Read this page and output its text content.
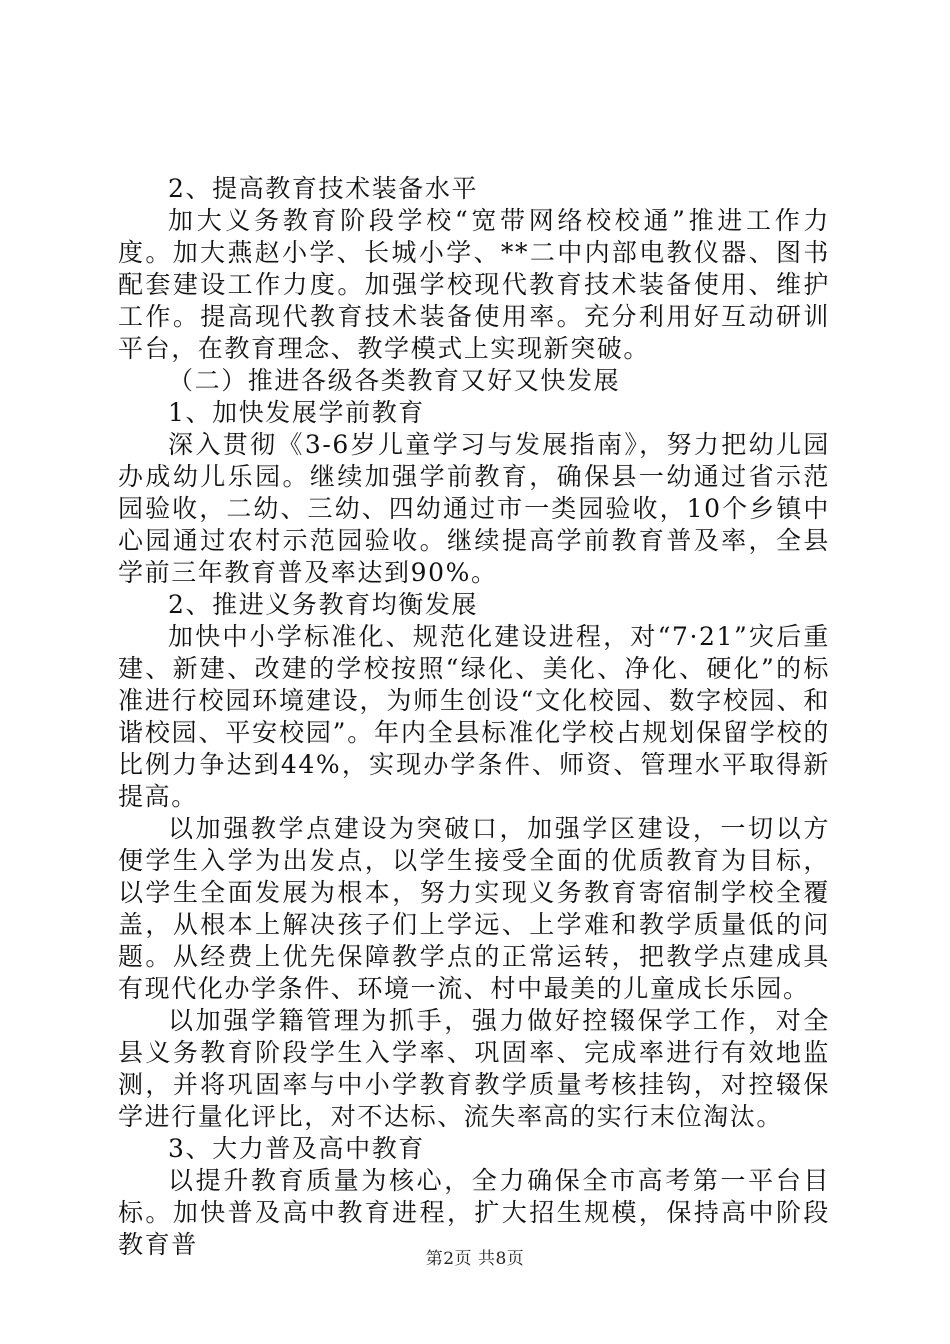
2、提高教育技术装备水平

加大义务教育阶段学校“宽带网络校校通”推进工作力度。加大燕赵小学、长城小学、**二中内部电教仪器、图书配套建设工作力度。加强学校现代教育技术装备使用、维护工作。提高现代教育技术装备使用率。充分利用好互动研训平台，在教育理念、教学模式上实现新突破。

（二）推进各级各类教育又好又快发展

1、加快发展学前教育

深入贯彻《3-6岁儿童学习与发展指南》，努力把幼儿园办成幼儿乐园。继续加强学前教育，确保县一幼通过省示范园验收，二幼、三幼、四幼通过市一类园验收，10个乡镇中心园通过农村示范园验收。继续提高学前教育普及率，全县学前三年教育普及率达到90%。

2、推进义务教育均衡发展

加快中小学标准化、规范化建设进程，对“7·21”灾后重建、新建、改建的学校按照“绿化、美化、净化、硬化”的标准进行校园环境建设，为师生创设“文化校园、数字校园、和谐校园、平安校园”。年内全县标准化学校占规划保留学校的比例力争达到44%，实现办学条件、师资、管理水平取得新提高。

以加强教学点建设为突破口，加强学区建设，一切以方便学生入学为出发点，以学生接受全面的优质教育为目标，以学生全面发展为根本，努力实现义务教育寄宿制学校全覆盖，从根本上解决孩子们上学远、上学难和教学质量低的问题。从经费上优先保障教学点的正常运转，把教学点建成具有现代化办学条件、环境一流、村中最美的儿童成长乐园。

以加强学籍管理为抓手，强力做好控辍保学工作，对全县义务教育阶段学生入学率、巩固率、完成率进行有效地监测，并将巩固率与中小学教育教学质量考核挂钩，对控辍保学进行量化评比，对不达标、流失率高的实行末位淘汰。

3、大力普及高中教育

以提升教育质量为核心，全力确保全市高考第一平台目标。加快普及高中教育进程，扩大招生规模，保持高中阶段教育普	第2页 共8页
